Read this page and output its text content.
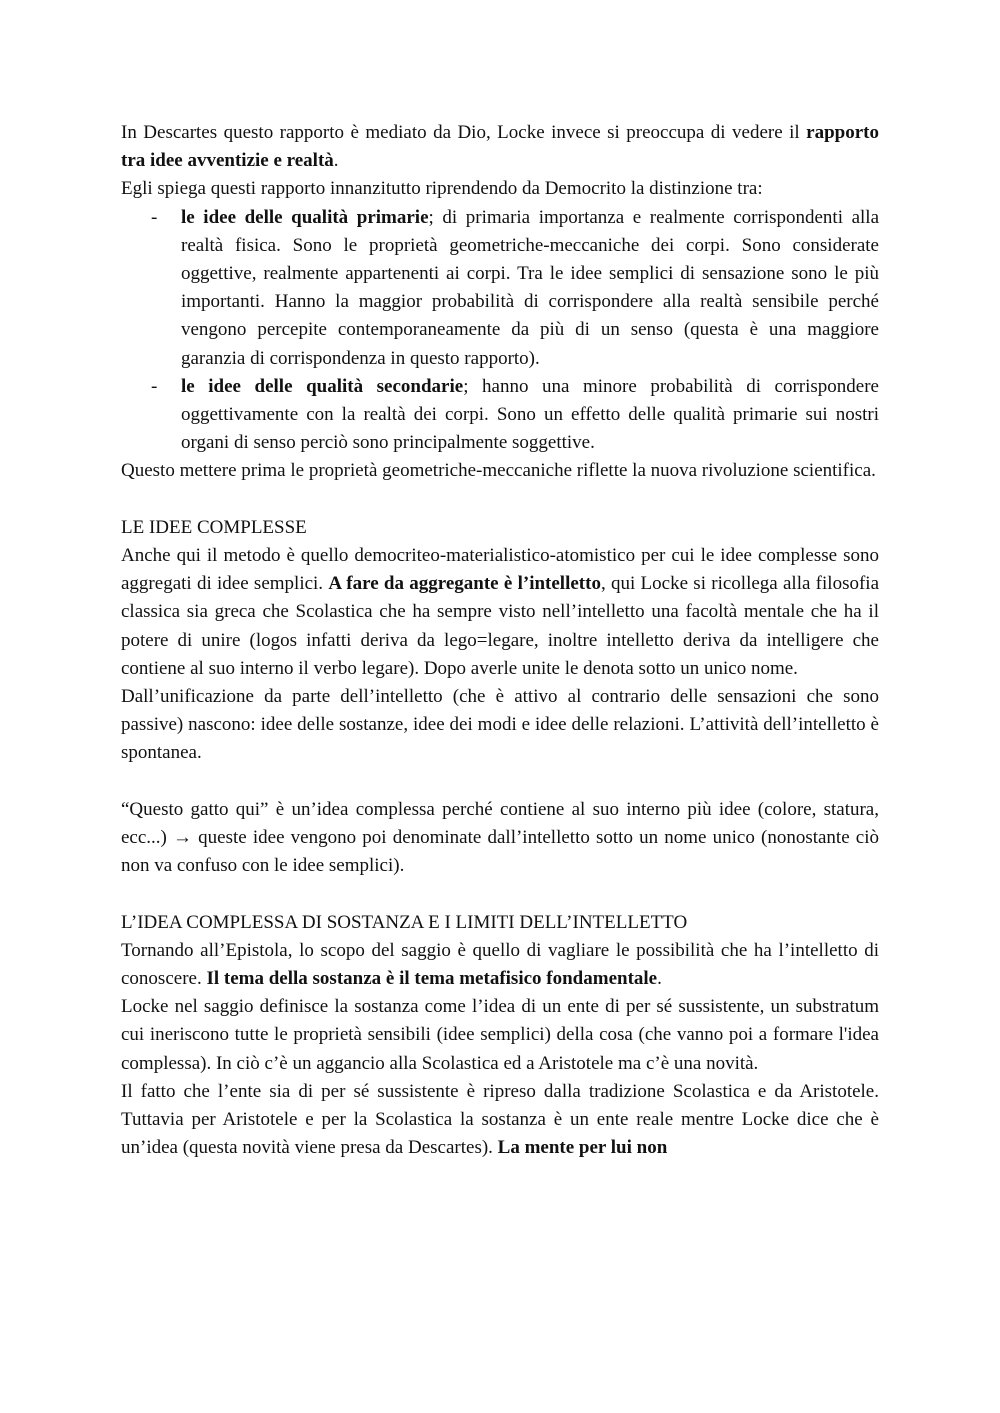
In Descartes questo rapporto è mediato da Dio, Locke invece si preoccupa di vedere il rapporto tra idee avventizie e realtà.

Egli spiega questi rapporto innanzitutto riprendendo da Democrito la distinzione tra:

- le idee delle qualità primarie; di primaria importanza e realmente corrispondenti alla realtà fisica. Sono le proprietà geometriche-meccaniche dei corpi. Sono considerate oggettive, realmente appartenenti ai corpi. Tra le idee semplici di sensazione sono le più importanti. Hanno la maggior probabilità di corrispondere alla realtà sensibile perché vengono percepite contemporaneamente da più di un senso (questa è una maggiore garanzia di corrispondenza in questo rapporto).
- le idee delle qualità secondarie; hanno una minore probabilità di corrispondere oggettivamente con la realtà dei corpi. Sono un effetto delle qualità primarie sui nostri organi di senso perciò sono principalmente soggettive.

Questo mettere prima le proprietà geometriche-meccaniche riflette la nuova rivoluzione scientifica.

LE IDEE COMPLESSE

Anche qui il metodo è quello democriteo-materialistico-atomistico per cui le idee complesse sono aggregati di idee semplici. A fare da aggregante è l’intelletto, qui Locke si ricollega alla filosofia classica sia greca che Scolastica che ha sempre visto nell’intelletto una facoltà mentale che ha il potere di unire (logos infatti deriva da lego=legare, inoltre intelletto deriva da intelligere che contiene al suo interno il verbo legare). Dopo averle unite le denota sotto un unico nome.

Dall’unificazione da parte dell’intelletto (che è attivo al contrario delle sensazioni che sono passive) nascono: idee delle sostanze, idee dei modi e idee delle relazioni. L’attività dell’intelletto è spontanea.

“Questo gatto qui” è un’idea complessa perché contiene al suo interno più idee (colore, statura, ecc...) → queste idee vengono poi denominate dall’intelletto sotto un nome unico (nonostante ciò non va confuso con le idee semplici).

L’IDEA COMPLESSA DI SOSTANZA E I LIMITI DELL’INTELLETTO

Tornando all’Epistola, lo scopo del saggio è quello di vagliare le possibilità che ha l’intelletto di conoscere. Il tema della sostanza è il tema metafisico fondamentale.

Locke nel saggio definisce la sostanza come l’idea di un ente di per sé sussistente, un substratum cui ineriscono tutte le proprietà sensibili (idee semplici) della cosa (che vanno poi a formare l'idea complessa). In ciò c’è un aggancio alla Scolastica ed a Aristotele ma c’è una novità.

Il fatto che l’ente sia di per sé sussistente è ripreso dalla tradizione Scolastica e da Aristotele. Tuttavia per Aristotele e per la Scolastica la sostanza è un ente reale mentre Locke dice che è un’idea (questa novità viene presa da Descartes). La mente per lui non
